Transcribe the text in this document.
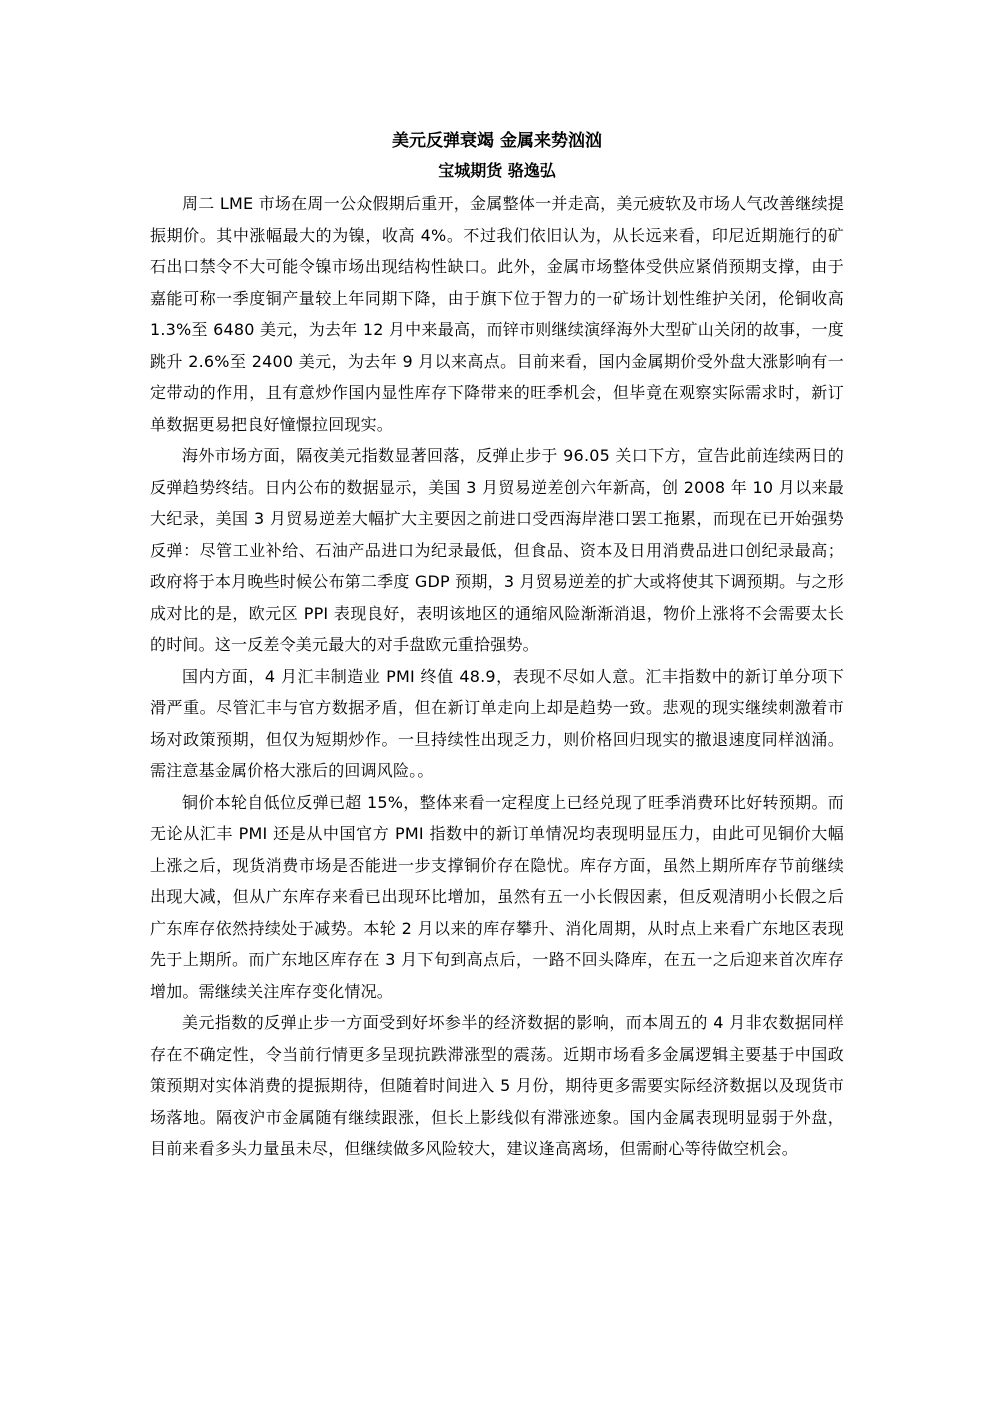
美元反弹衰竭 金属来势汹汹
宝城期货 骆逸弘

周二 LME 市场在周一公众假期后重开，金属整体一并走高，美元疲软及市场人气改善继续提振期价。其中涨幅最大的为镍，收高 4%。不过我们依旧认为，从长远来看，印尼近期施行的矿石出口禁令不大可能令镍市场出现结构性缺口。此外，金属市场整体受供应紧俏预期支撑，由于嘉能可称一季度铜产量较上年同期下降，由于旗下位于智力的一矿场计划性维护关闭，伦铜收高 1.3%至 6480 美元，为去年 12 月中来最高，而锌市则继续演绎海外大型矿山关闭的故事，一度跳升 2.6%至 2400 美元，为去年 9 月以来高点。目前来看，国内金属期价受外盘大涨影响有一定带动的作用，且有意炒作国内显性库存下降带来的旺季机会，但毕竟在观察实际需求时，新订单数据更易把良好憧憬拉回现实。

海外市场方面，隔夜美元指数显著回落，反弹止步于 96.05 关口下方，宣告此前连续两日的反弹趋势终结。日内公布的数据显示，美国 3 月贸易逆差创六年新高，创 2008 年 10 月以来最大纪录，美国 3 月贸易逆差大幅扩大主要因之前进口受西海岸港口罢工拖累，而现在已开始强势反弹：尽管工业补给、石油产品进口为纪录最低，但食品、资本及日用消费品进口创纪录最高；政府将于本月晚些时候公布第二季度 GDP 预期，3 月贸易逆差的扩大或将使其下调预期。与之形成对比的是，欧元区 PPI 表现良好，表明该地区的通缩风险渐渐消退，物价上涨将不会需要太长的时间。这一反差令美元最大的对手盘欧元重拾强势。

国内方面，4 月汇丰制造业 PMI 终值 48.9，表现不尽如人意。汇丰指数中的新订单分项下滑严重。尽管汇丰与官方数据矛盾，但在新订单走向上却是趋势一致。悲观的现实继续刺激着市场对政策预期，但仅为短期炒作。一旦持续性出现乏力，则价格回归现实的撤退速度同样汹涌。需注意基金属价格大涨后的回调风险。。

铜价本轮自低位反弹已超 15%，整体来看一定程度上已经兑现了旺季消费环比好转预期。而无论从汇丰 PMI 还是从中国官方 PMI 指数中的新订单情况均表现明显压力，由此可见铜价大幅上涨之后，现货消费市场是否能进一步支撑铜价存在隐忧。库存方面，虽然上期所库存节前继续出现大减，但从广东库存来看已出现环比增加，虽然有五一小长假因素，但反观清明小长假之后广东库存依然持续处于减势。本轮 2 月以来的库存攀升、消化周期，从时点上来看广东地区表现先于上期所。而广东地区库存在 3 月下旬到高点后，一路不回头降库，在五一之后迎来首次库存增加。需继续关注库存变化情况。

美元指数的反弹止步一方面受到好坏参半的经济数据的影响，而本周五的 4 月非农数据同样存在不确定性，令当前行情更多呈现抗跌滞涨型的震荡。近期市场看多金属逻辑主要基于中国政策预期对实体消费的提振期待，但随着时间进入 5 月份，期待更多需要实际经济数据以及现货市场落地。隔夜沪市金属随有继续跟涨，但长上影线似有滞涨迹象。国内金属表现明显弱于外盘，目前来看多头力量虽未尽，但继续做多风险较大，建议逢高离场，但需耐心等待做空机会。
